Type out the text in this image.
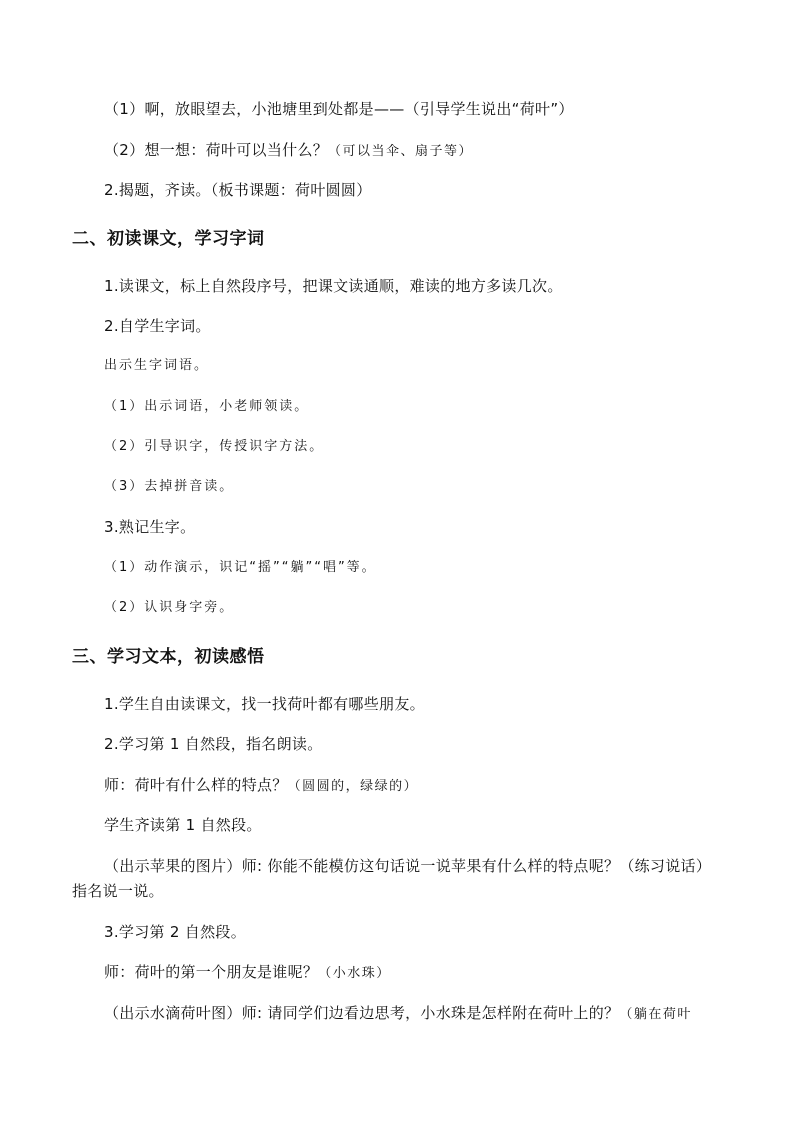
（1）啊，放眼望去，小池塘里到处都是——（引导学生说出“荷叶”）
（2）想一想：荷叶可以当什么？（可以当伞、扇子等）
2.揭题，齐读。（板书课题：荷叶圆圆）
二、初读课文，学习字词
1.读课文，标上自然段序号，把课文读通顺，难读的地方多读几次。
2.自学生字词。
出示生字词语。
（1）出示词语，小老师领读。
（2）引导识字，传授识字方法。
（3）去掉拼音读。
3.熟记生字。
（1）动作演示，识记“摇”“躺”“唱”等。
（2）认识身字旁。
三、学习文本，初读感悟
1.学生自由读课文，找一找荷叶都有哪些朋友。
2.学习第 1 自然段，指名朗读。
师：荷叶有什么样的特点？（圆圆的，绿绿的）
学生齐读第 1 自然段。
（出示苹果的图片）师: 你能不能模仿这句话说一说苹果有什么样的特点呢？（练习说话）
指名说一说。
3.学习第 2 自然段。
师：荷叶的第一个朋友是谁呢？（小水珠）
（出示水滴荷叶图）师: 请同学们边看边思考，小水珠是怎样附在荷叶上的？（躺在荷叶
